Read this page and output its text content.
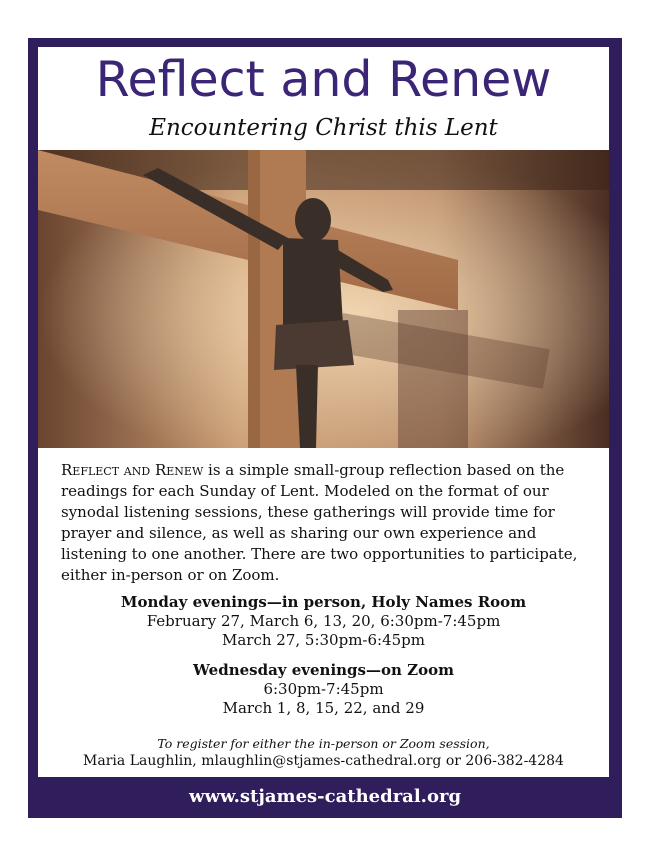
Reflect and Renew
Encountering Christ this Lent
Reflect and Renew is a simple small-group reflection based on the readings for each Sunday of Lent. Modeled on the format of our synodal listening sessions, these gatherings will provide time for prayer and silence, as well as sharing our own experience and listening to one another. There are two opportunities to participate, either in-person or on Zoom.
Monday evenings—in person, Holy Names Room
February 27, March 6, 13, 20, 6:30pm-7:45pm
March 27, 5:30pm-6:45pm
Wednesday evenings—on Zoom
6:30pm-7:45pm
March 1, 8, 15, 22, and 29
To register for either the in-person or Zoom session,
Maria Laughlin, mlaughlin@stjames-cathedral.org or 206-382-4284
www.stjames-cathedral.org
